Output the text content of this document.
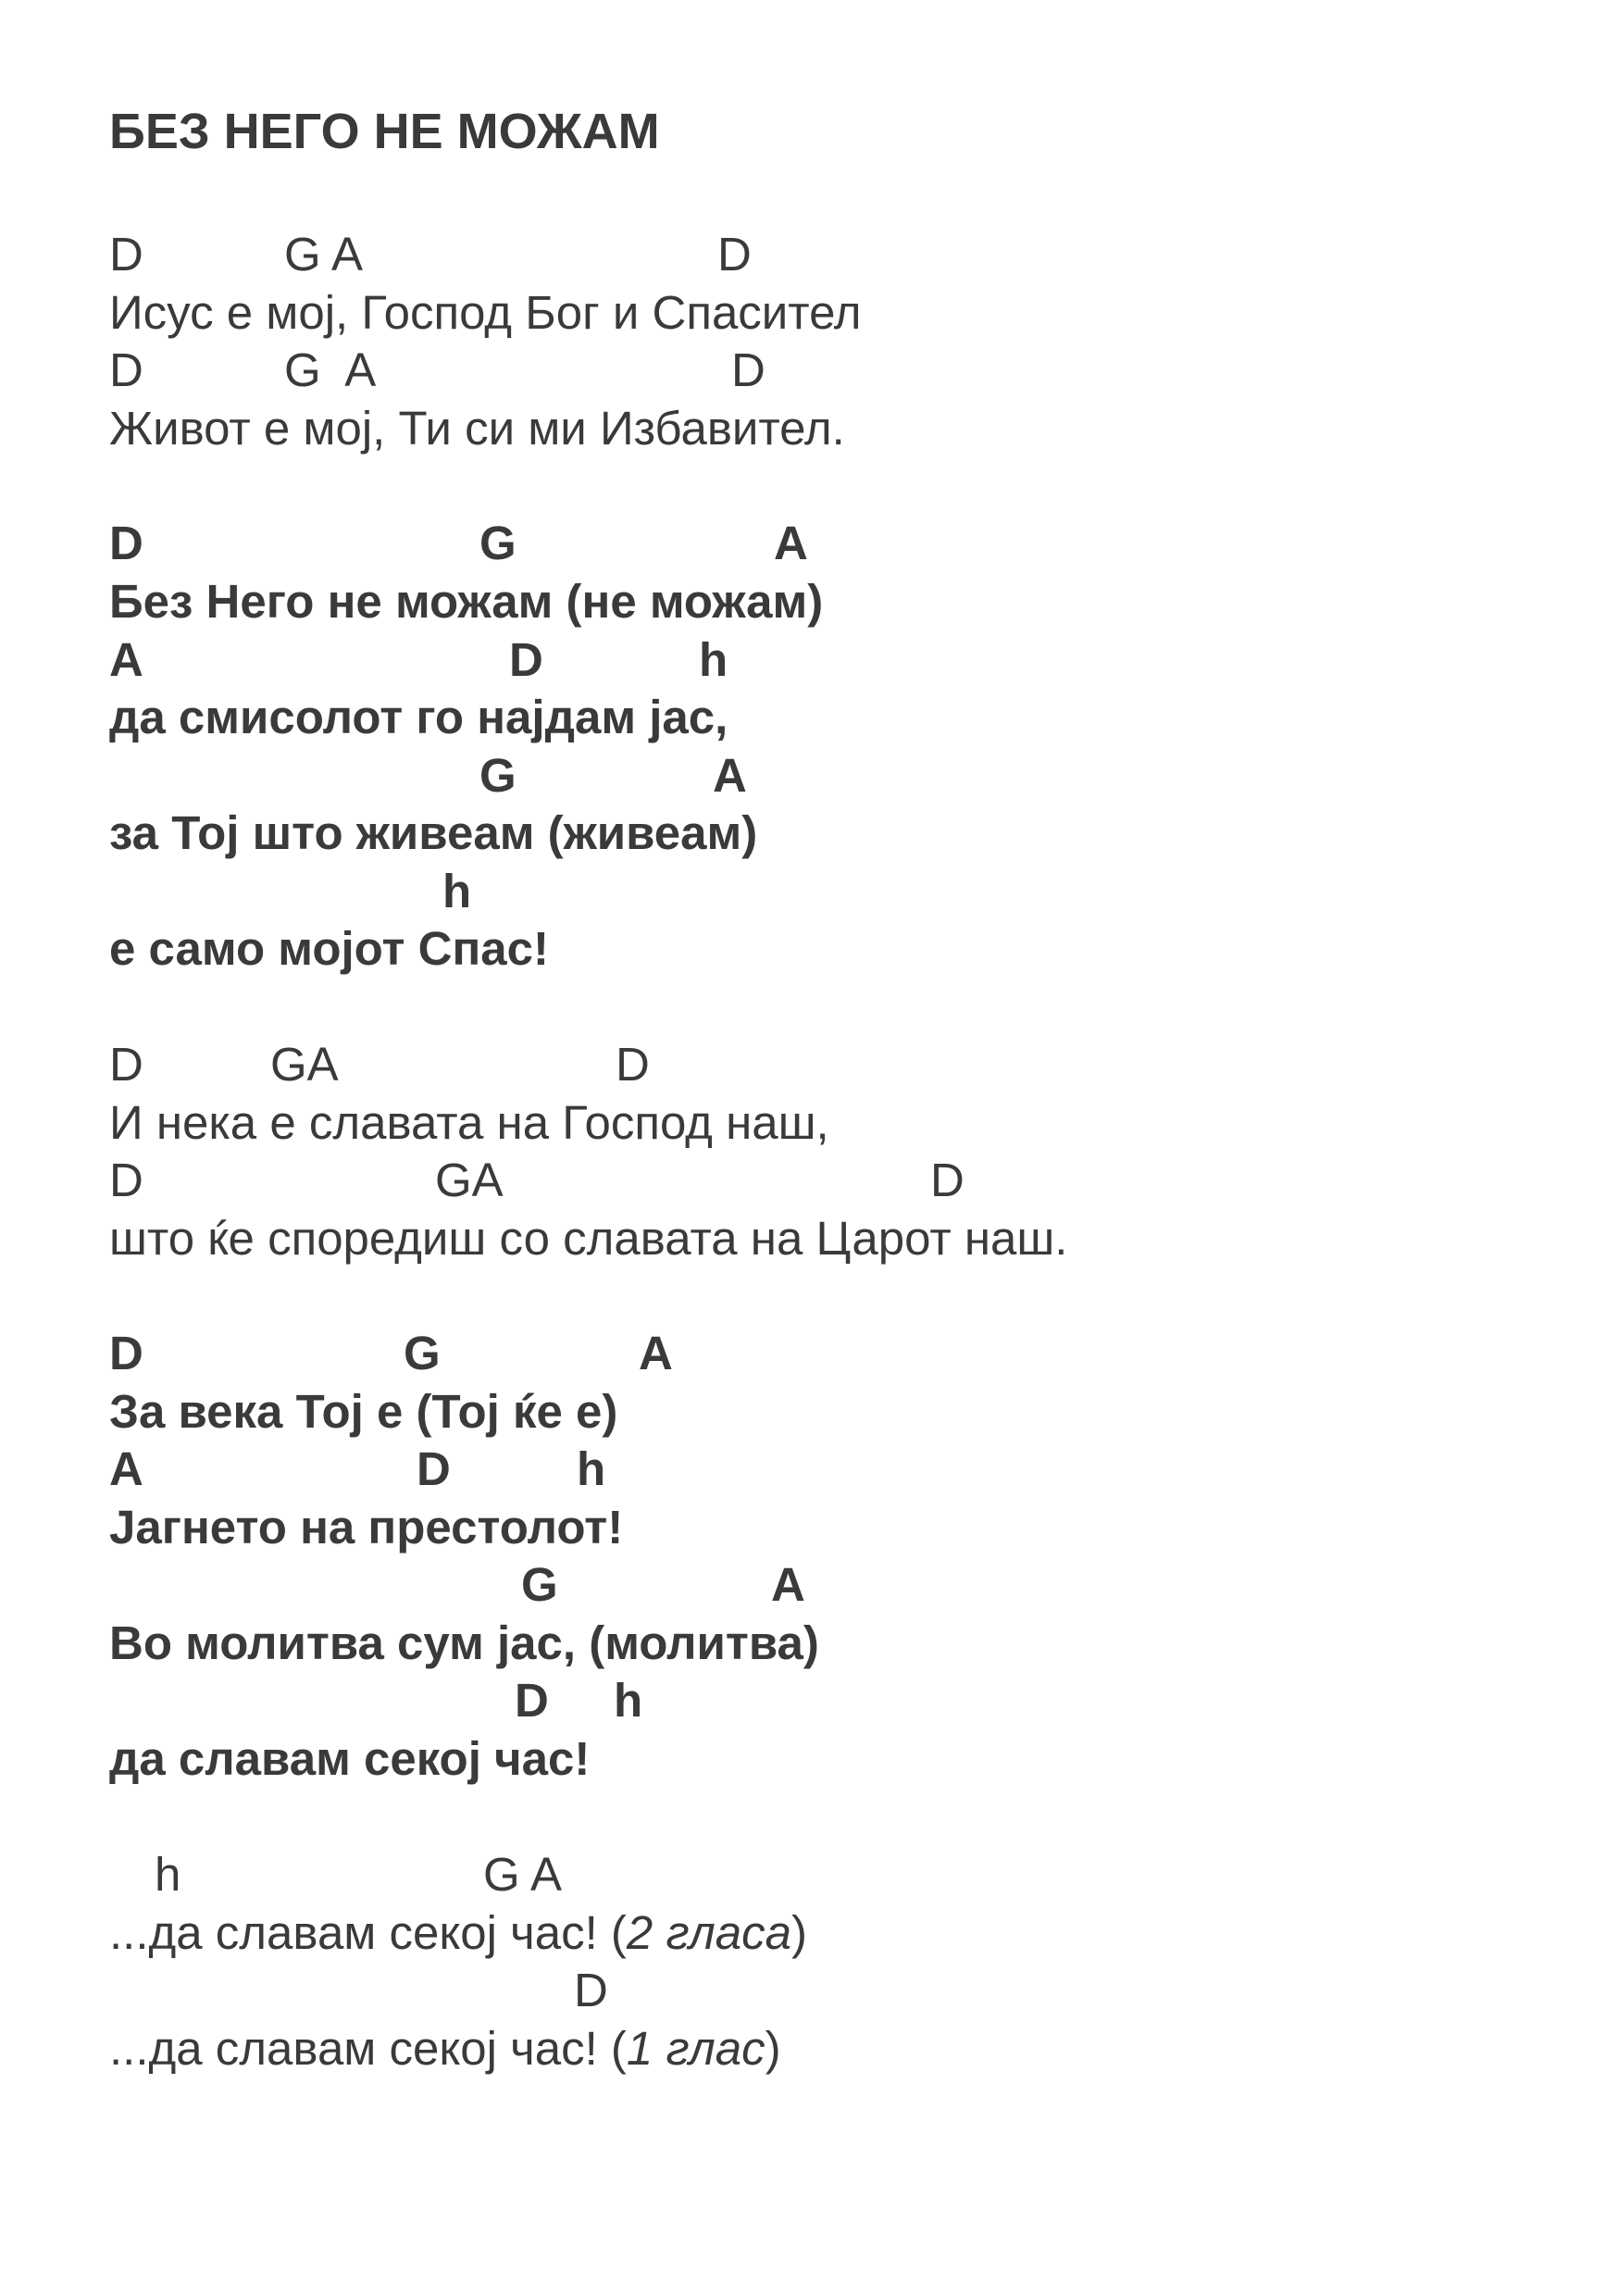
БЕЗ НЕГО НЕ МОЖАМ
D	G A	D

Исус е мој, Господ Бог и Спасител

D	G  A	D

Живот е мој, Ти си ми Избавител.

D	G	A

Без Него не можам (не можам)

A	D	h

да смисолот го најдам јас,

G	A

за Тој што живеам (живеам)

h

е само мојот Спас!

D	GA	D

И нека е славата на Господ наш,

D	GA	D

што ќе споредиш со славата на Царот наш.

D	G	A

За века Тој е (Тој ќе е)

A	D	h

Јагнето на престолот!

G	A

Во молитва сум јас, (молитва)

D h

да славам секој час!

h	G A

...да славам секој час! (2 гласа)

D

...да славам секој час! (1 глас)
